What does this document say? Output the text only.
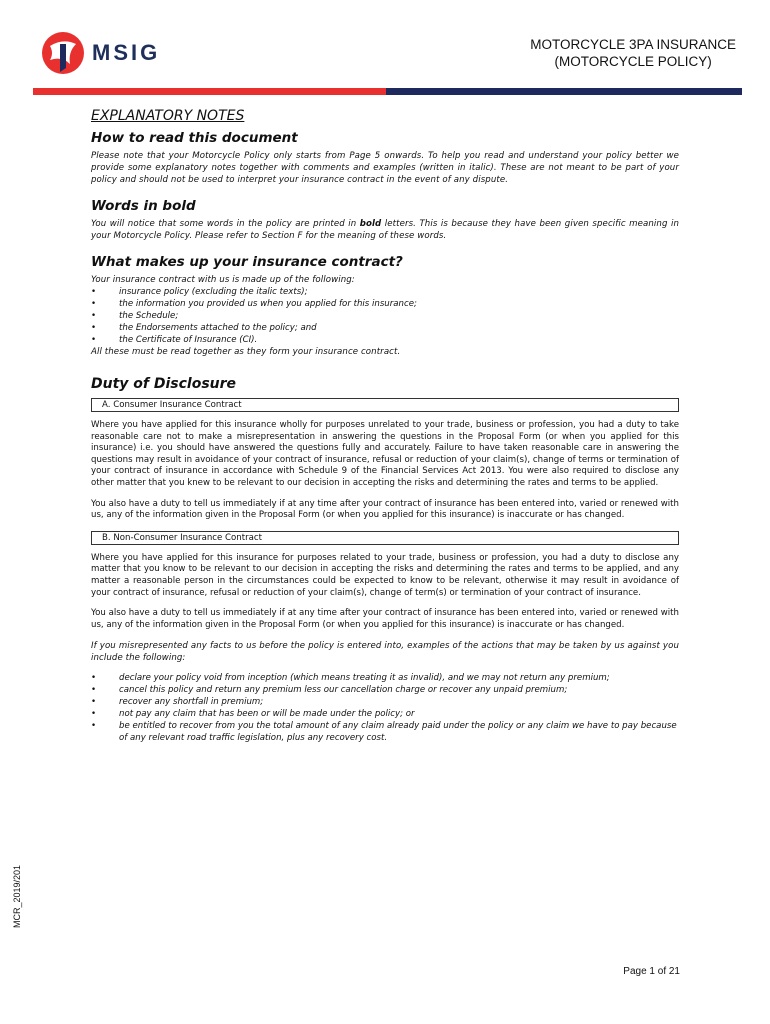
MSIG	MOTORCYCLE 3PA INSURANCE
(MOTORCYCLE POLICY)
EXPLANATORY NOTES
How to read this document

Please note that your Motorcycle Policy only starts from Page 5 onwards. To help you read and understand your policy better we provide some explanatory notes together with comments and examples (written in italic). These are not meant to be part of your policy and should not be used to interpret your insurance contract in the event of any dispute.

Words in bold

You will notice that some words in the policy are printed in bold letters. This is because they have been given specific meaning in your Motorcycle Policy. Please refer to Section F for the meaning of these words.

What makes up your insurance contract?
Your insurance contract with us is made up of the following:
•	insurance policy (excluding the italic texts);
•	the information you provided us when you applied for this insurance;
•	the Schedule;
•	the Endorsements attached to the policy; and
•	the Certificate of Insurance (CI).
All these must be read together as they form your insurance contract.
Duty of Disclosure
A. Consumer Insurance Contract

Where you have applied for this insurance wholly for purposes unrelated to your trade, business or profession, you had a duty to take reasonable care not to make a misrepresentation in answering the questions in the Proposal Form (or when you applied for this insurance) i.e. you should have answered the questions fully and accurately. Failure to have taken reasonable care in answering the questions may result in avoidance of your contract of insurance, refusal or reduction of your claim(s), change of terms or termination of your contract of insurance in accordance with Schedule 9 of the Financial Services Act 2013. You were also required to disclose any other matter that you knew to be relevant to our decision in accepting the risks and determining the rates and terms to be applied.

You also have a duty to tell us immediately if at any time after your contract of insurance has been entered into, varied or renewed with us, any of the information given in the Proposal Form (or when you applied for this insurance) is inaccurate or has changed.

B. Non-Consumer Insurance Contract

Where you have applied for this insurance for purposes related to your trade, business or profession, you had a duty to disclose any matter that you know to be relevant to our decision in accepting the risks and determining the rates and terms to be applied, and any matter a reasonable person in the circumstances could be expected to know to be relevant, otherwise it may result in avoidance of your contract of insurance, refusal or reduction of your claim(s), change of term(s) or termination of your contract of insurance.

You also have a duty to tell us immediately if at any time after your contract of insurance has been entered into, varied or renewed with us, any of the information given in the Proposal Form (or when you applied for this insurance) is inaccurate or has changed.

If you misrepresented any facts to us before the policy is entered into, examples of the actions that may be taken by us against you include the following:

•	declare your policy void from inception (which means treating it as invalid), and we may not return any premium;
•	cancel this policy and return any premium less our cancellation charge or recover any unpaid premium;
•	recover any shortfall in premium;
•	not pay any claim that has been or will be made under the policy; or
•	be entitled to recover from you the total amount of any claim already paid under the policy or any claim we have to pay because of any relevant road traffic legislation, plus any recovery cost.
MCR_2019/201
Page 1 of 21
